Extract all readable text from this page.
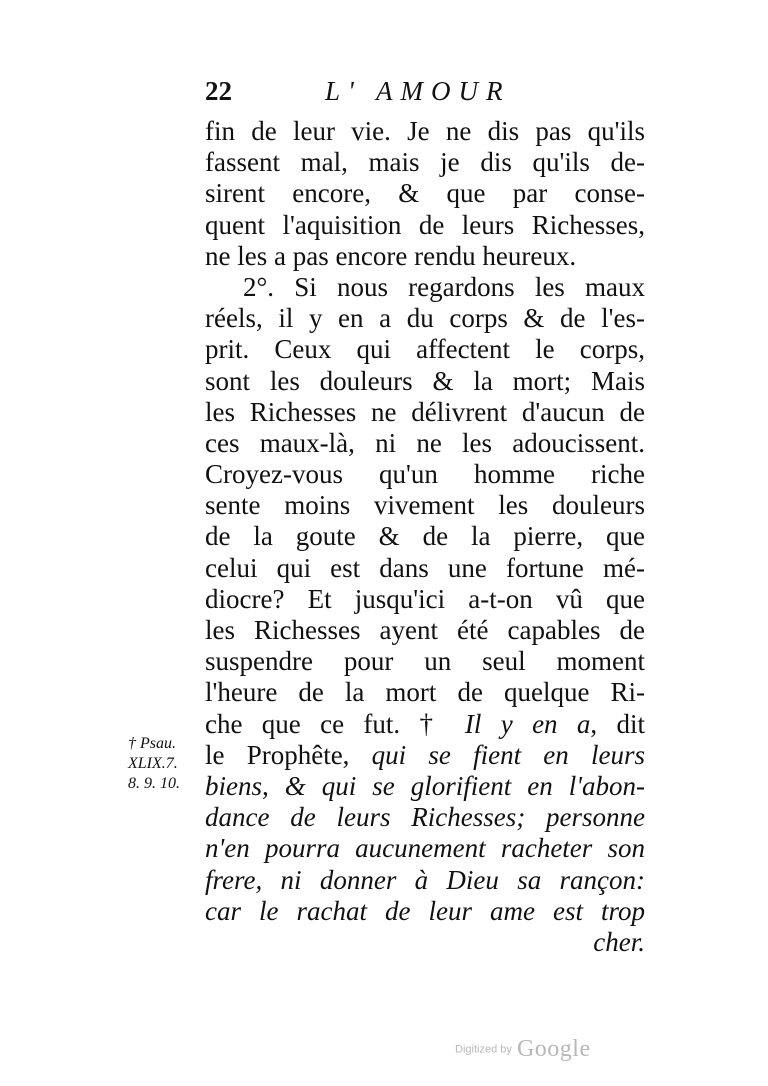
22	L' AMOUR
fin de leur vie. Je ne dis pas qu'ils
fassent mal, mais je dis qu'ils de-
sirent encore, & que par conse-
quent l'aquisition de leurs Richesses,
ne les a pas encore rendu heureux.
2°. Si nous regardons les maux
réels, il y en a du corps & de l'es-
prit. Ceux qui affectent le corps,
sont les douleurs & la mort; Mais
les Richesses ne délivrent d'aucun de
ces maux-là, ni ne les adoucissent.
Croyez-vous qu'un homme riche
sente moins vivement les douleurs
de la goute & de la pierre, que
celui qui est dans une fortune mé-
diocre? Et jusqu'ici a-t-on vû que
les Richesses ayent été capables de
suspendre pour un seul moment
l'heure de la mort de quelque Ri-
che que ce fut. † Il y en a, dit
le Prophête, qui se fient en leurs
biens, & qui se glorifient en l'abon-
dance de leurs Richesses; personne
n'en pourra aucunement racheter son
frere, ni donner à Dieu sa rançon:
car le rachat de leur ame est trop
cher.
† Psau.
XLIX.7.
8. 9. 10.
Digitized by Google
